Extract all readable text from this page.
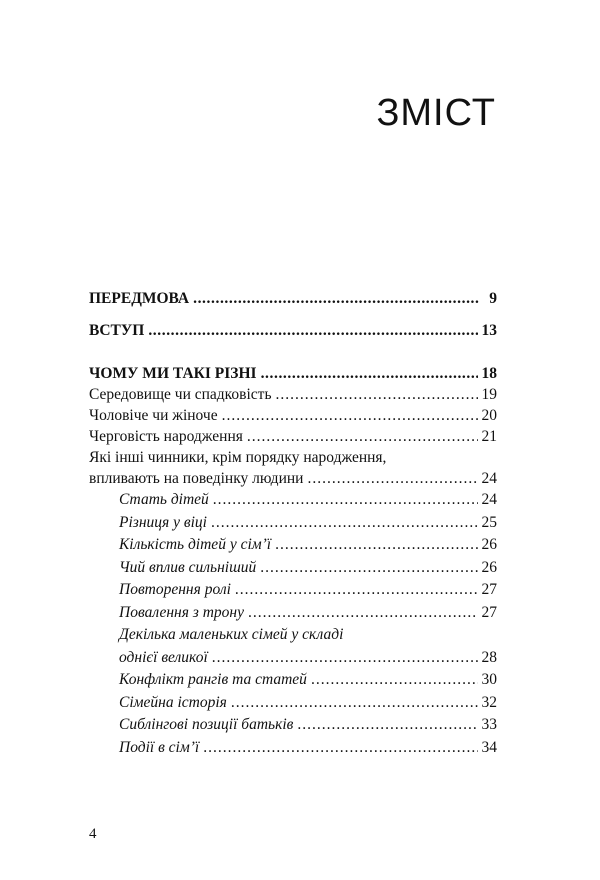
ЗМІСТ
ПЕРЕДМОВА .....	9
ВСТУП .....	13
ЧОМУ МИ ТАКІ РІЗНІ .....	18
Середовище чи спадковість .....	19
Чоловіче чи жіноче .....	20
Черговість народження .....	21
Які інші чинники, крім порядку народження,
впливають на поведінку людини .....	24
Стать дітей .....	24
Різниця у віці .....	25
Кількість дітей у сім’ї .....	26
Чий вплив сильніший .....	26
Повторення ролі .....	27
Повалення з трону .....	27
Декілька маленьких сімей у складі
однієї великої .....	28
Конфлікт рангів та статей .....	30
Сімейна історія .....	32
Сиблінгові позиції батьків .....	33
Події в сім’ї .....	34
4
